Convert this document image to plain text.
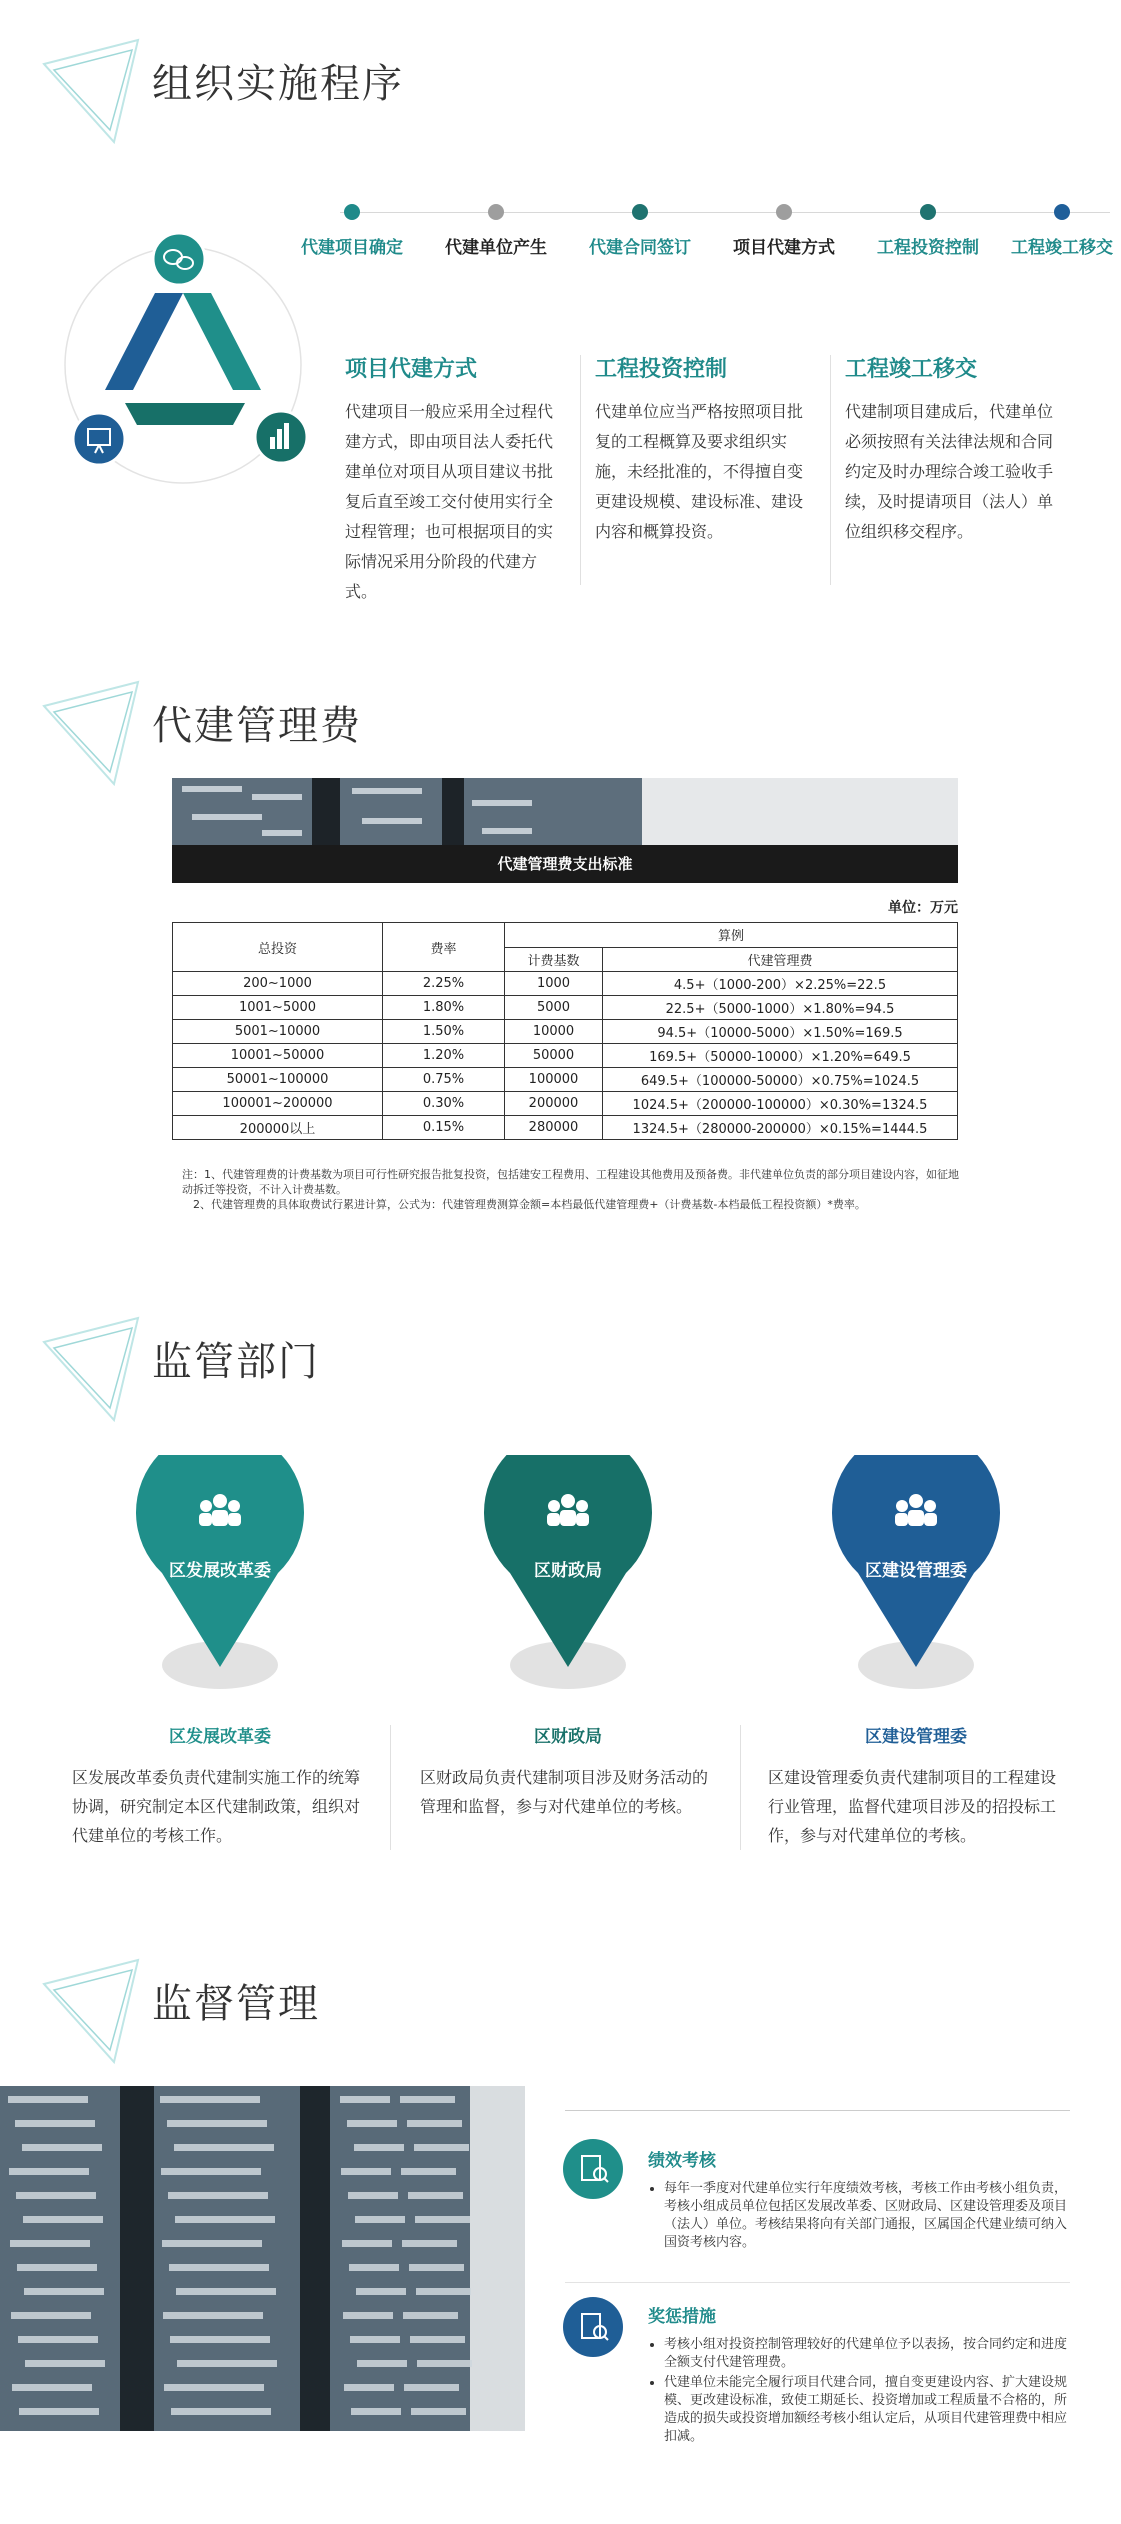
组织实施程序
代建项目确定 代建单位产生 代建合同签订 项目代建方式 工程投资控制 工程竣工移交
项目代建方式

代建项目一般应采用全过程代建方式，即由项目法人委托代建单位对项目从项目建议书批复后直至竣工交付使用实行全过程管理；也可根据项目的实际情况采用分阶段的代建方式。

工程投资控制

代建单位应当严格按照项目批复的工程概算及要求组织实施，未经批准的，不得擅自变更建设规模、建设标准、建设内容和概算投资。

工程竣工移交

代建制项目建成后，代建单位必须按照有关法律法规和合同约定及时办理综合竣工验收手续，及时提请项目（法人）单位组织移交程序。

代建管理费
代建管理费支出标准
单位：万元
总投资	费率	算例	
		计费基数	代建管理费
200~1000	2.25%	1000	4.5+（1000-200）×2.25%=22.5
1001~5000	1.80%	5000	22.5+（5000-1000）×1.80%=94.5
5001~10000	1.50%	10000	94.5+（10000-5000）×1.50%=169.5
10001~50000	1.20%	50000	169.5+（50000-10000）×1.20%=649.5
50001~100000	0.75%	100000	649.5+（100000-50000）×0.75%=1024.5
100001~200000	0.30%	200000	1024.5+（200000-100000）×0.30%=1324.5
200000以上	0.15%	280000	1324.5+（280000-200000）×0.15%=1444.5
注：1、代建管理费的计费基数为项目可行性研究报告批复投资，包括建安工程费用、工程建设其他费用及预备费。非代建单位负责的部分项目建设内容，如征地动拆迁等投资，不计入计费基数。
2、代建管理费的具体取费试行累进计算，公式为：代建管理费测算金额=本档最低代建管理费+（计费基数-本档最低工程投资额）*费率。
监管部门
区发展改革委
区发展改革委
区发展改革委负责代建制实施工作的统筹协调，研究制定本区代建制政策，组织对代建单位的考核工作。
区财政局
区财政局
区财政局负责代建制项目涉及财务活动的管理和监督，参与对代建单位的考核。
区建设管理委
区建设管理委
区建设管理委负责代建制项目的工程建设行业管理，监督代建项目涉及的招投标工作，参与对代建单位的考核。
监督管理
绩效考核
• 每年一季度对代建单位实行年度绩效考核，考核工作由考核小组负责，考核小组成员单位包括区发展改革委、区财政局、区建设管理委及项目（法人）单位。考核结果将向有关部门通报，区属国企代建业绩可纳入国资考核内容。
奖惩措施
• 考核小组对投资控制管理较好的代建单位予以表扬，按合同约定和进度全额支付代建管理费。
• 代建单位未能完全履行项目代建合同，擅自变更建设内容、扩大建设规模、更改建设标准，致使工期延长、投资增加或工程质量不合格的，所造成的损失或投资增加额经考核小组认定后，从项目代建管理费中相应扣减。
